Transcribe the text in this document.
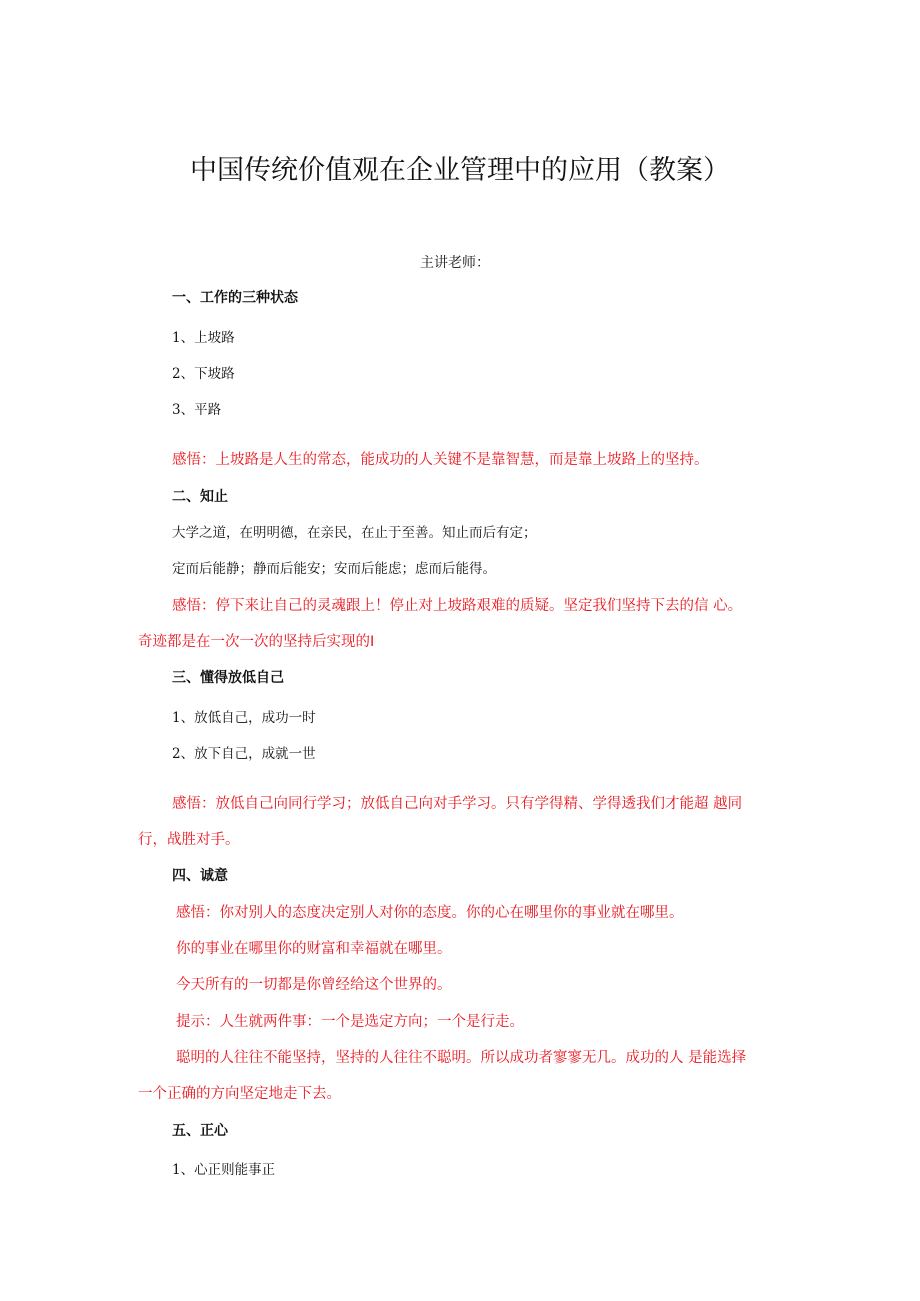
中国传统价值观在企业管理中的应用（教案）
主讲老师：
一、工作的三种状态
1、上坡路
2、下坡路
3、平路
感悟：上坡路是人生的常态，能成功的人关键不是靠智慧，而是靠上坡路上的坚持。
二、知止
大学之道，在明明德，在亲民，在止于至善。知止而后有定；
定而后能静；静而后能安；安而后能虑；虑而后能得。
感悟：停下来让自己的灵魂跟上！停止对上坡路艰难的质疑。坚定我们坚持下去的信 心。
奇迹都是在一次一次的坚持后实现的I
三、懂得放低自己
1、放低自己，成功一时
2、放下自己，成就一世
感悟：放低自己向同行学习；放低自己向对手学习。只有学得精、学得透我们才能超 越同
行，战胜对手。
四、诚意
感悟：你对别人的态度决定别人对你的态度。你的心在哪里你的事业就在哪里。
你的事业在哪里你的财富和幸福就在哪里。
今天所有的一切都是你曾经给这个世界的。
提示：人生就两件事：一个是选定方向；一个是行走。
聪明的人往往不能坚持，坚持的人往往不聪明。所以成功者寥寥无几。成功的人 是能选择
一个正确的方向坚定地走下去。
五、正心
1、心正则能事正
